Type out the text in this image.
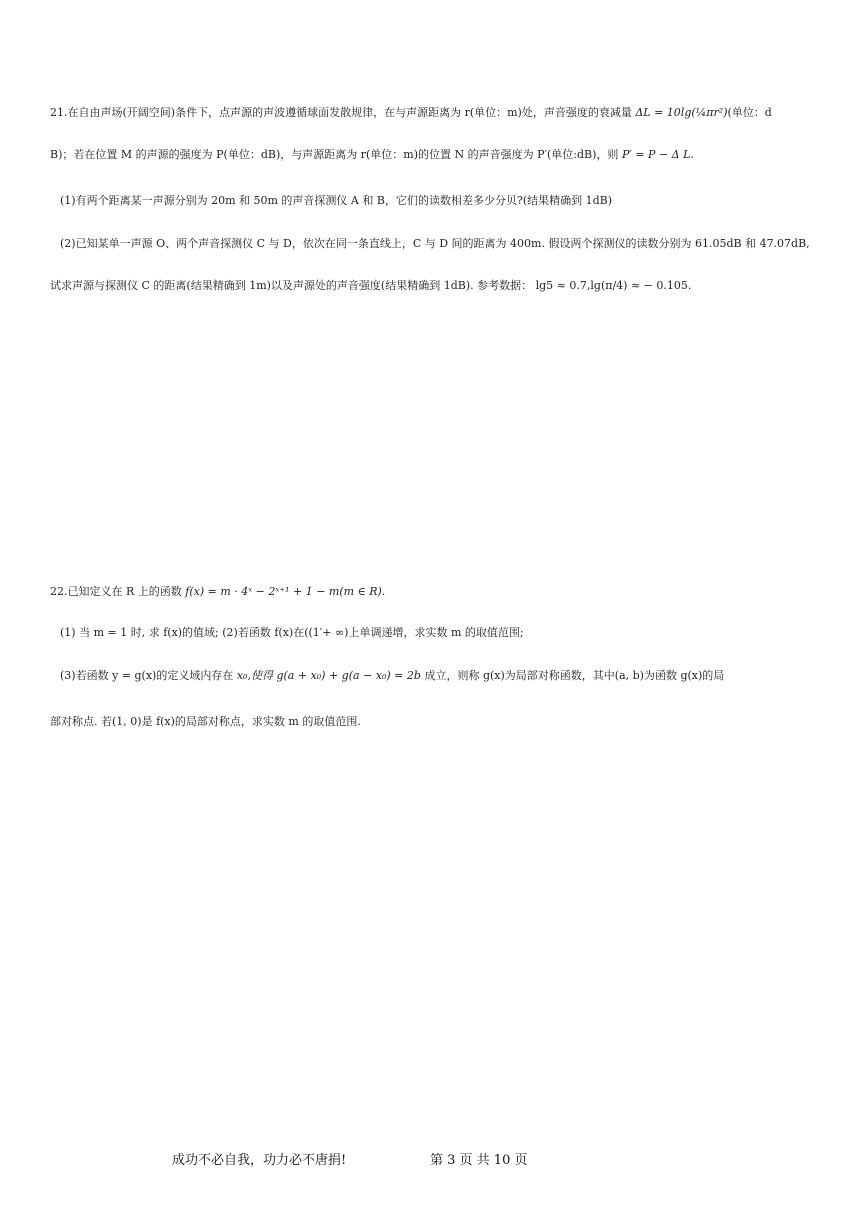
21.在自由声场(开阔空间)条件下，点声源的声波遵循球面发散规律，在与声源距离为 r(单位：m)处，声音强度的衰减量 ΔL = 10lg(¼πr²)(单位：d
B)；若在位置 M 的声源的强度为 P(单位：dB)，与声源距离为 r(单位：m)的位置 N 的声音强度为 P′(单位:dB)，则 P′ = P − Δ L.
(1)有两个距离某一声源分别为 20m 和 50m 的声音探测仪 A 和 B，它们的读数相差多少分贝?(结果精确到 1dB)
(2)已知某单一声源 O、两个声音探测仪 C 与 D，依次在同一条直线上，C 与 D 间的距离为 400m. 假设两个探测仪的读数分别为 61.05dB 和 47.07dB,
试求声源与探测仪 C 的距离(结果精确到 1m)以及声源处的声音强度(结果精确到 1dB). 参考数据： lg5 ≈ 0.7,lg(π/4) ≈ − 0.105.
22.已知定义在 R 上的函数 f(x) = m · 4ˣ − 2ˣ⁺¹ + 1 − m(m ∈ R).
(1) 当 m = 1 时, 求 f(x)的值域; (2)若函数 f(x)在((1′+ ∞)上单调递增，求实数 m 的取值范围;
(3)若函数 y = g(x)的定义域内存在 x₀,使得 g(a + x₀) + g(a − x₀) = 2b 成立，则称 g(x)为局部对称函数，其中(a, b)为函数 g(x)的局
部对称点. 若(1, 0)是 f(x)的局部对称点，求实数 m 的取值范围.
成功不必自我，功力必不唐捐!	第 3 页 共 10 页
